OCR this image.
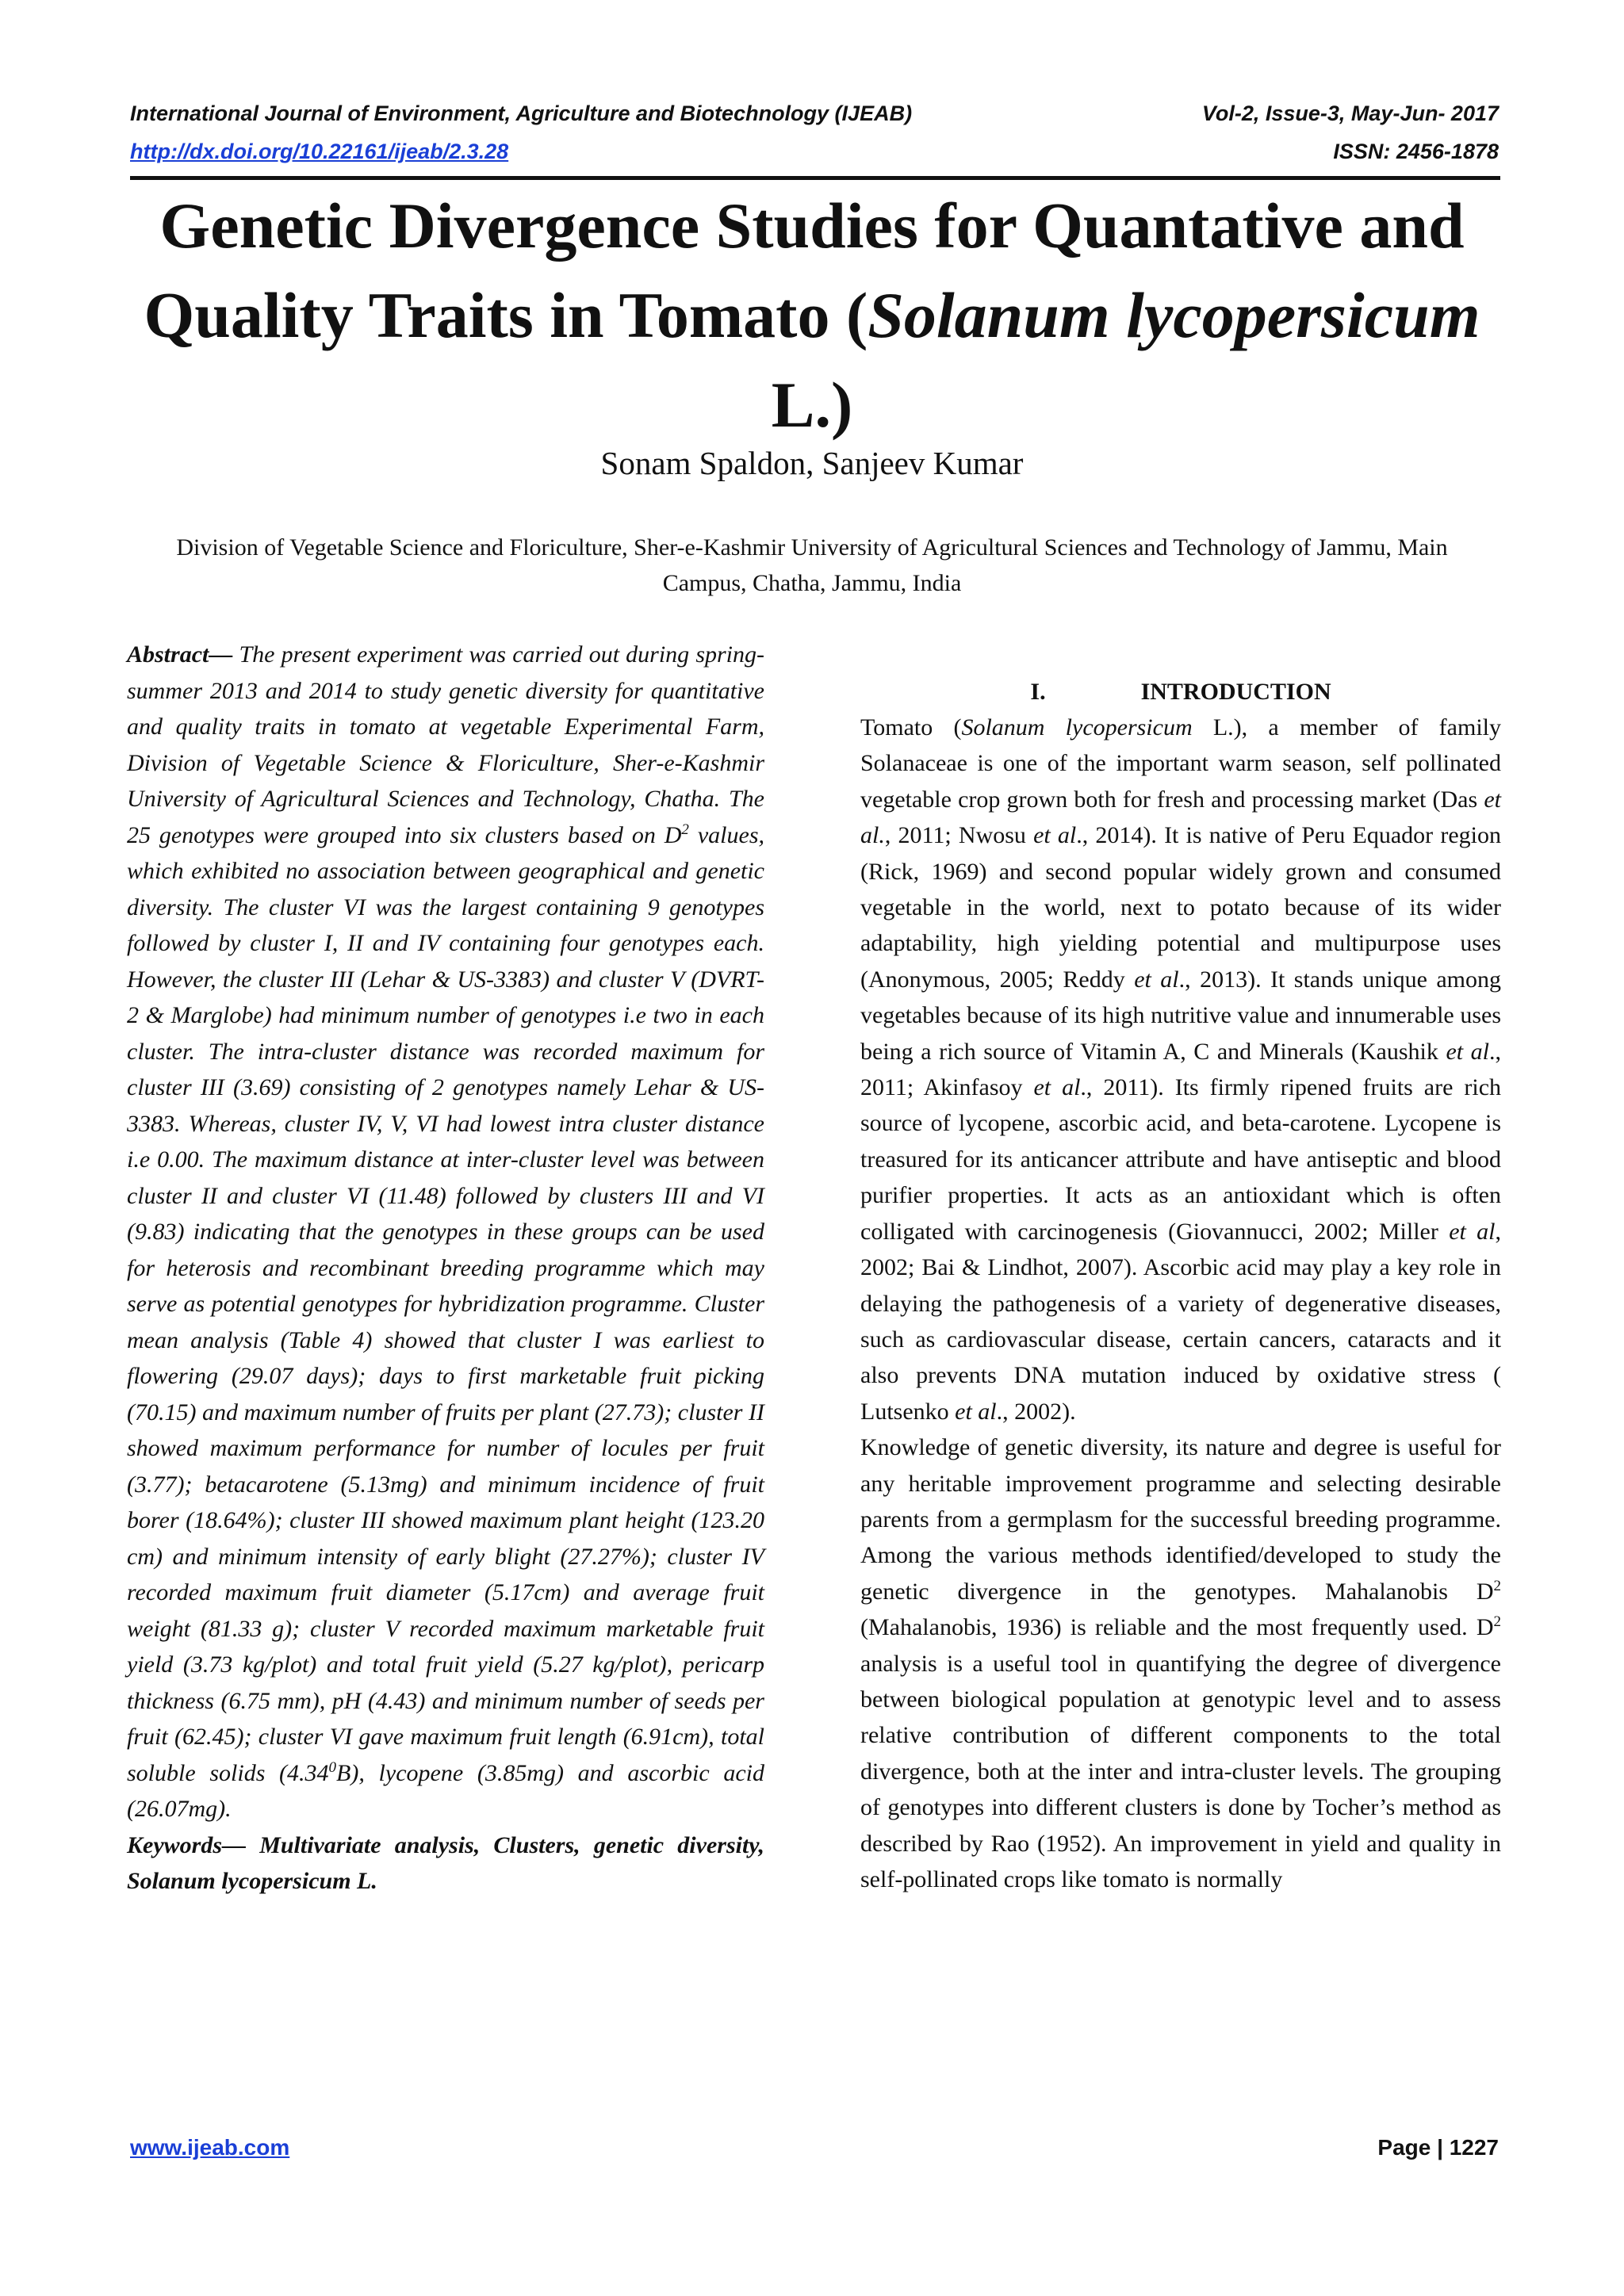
International Journal of Environment, Agriculture and Biotechnology (IJEAB)	Vol-2, Issue-3, May-Jun- 2017
http://dx.doi.org/10.22161/ijeab/2.3.28	ISSN: 2456-1878
Genetic Divergence Studies for Quantative and Quality Traits in Tomato (Solanum lycopersicum L.)
Sonam Spaldon, Sanjeev Kumar
Division of Vegetable Science and Floriculture, Sher-e-Kashmir University of Agricultural Sciences and Technology of Jammu, Main Campus, Chatha, Jammu, India

Abstract— The present experiment was carried out during spring-summer 2013 and 2014 to study genetic diversity for quantitative and quality traits in tomato at vegetable Experimental Farm, Division of Vegetable Science & Floriculture, Sher-e-Kashmir University of Agricultural Sciences and Technology, Chatha. The 25 genotypes were grouped into six clusters based on $D^2$ values, which exhibited no association between geographical and genetic diversity. The cluster VI was the largest containing 9 genotypes followed by cluster I, II and IV containing four genotypes each. However, the cluster III (Lehar & US-3383) and cluster V (DVRT-2 & Marglobe) had minimum number of genotypes i.e two in each cluster. The intra-cluster distance was recorded maximum for cluster III (3.69) consisting of 2 genotypes namely Lehar & US-3383. Whereas, cluster IV, V, VI had lowest intra cluster distance i.e 0.00. The maximum distance at inter-cluster level was between cluster II and cluster VI (11.48) followed by clusters III and VI (9.83) indicating that the genotypes in these groups can be used for heterosis and recombinant breeding programme which may serve as potential genotypes for hybridization programme. Cluster mean analysis (Table 4) showed that cluster I was earliest to flowering (29.07 days); days to first marketable fruit picking (70.15) and maximum number of fruits per plant (27.73); cluster II showed maximum performance for number of locules per fruit (3.77); betacarotene (5.13mg) and minimum incidence of fruit borer (18.64%); cluster III showed maximum plant height (123.20 cm) and minimum intensity of early blight (27.27%); cluster IV recorded maximum fruit diameter (5.17cm) and average fruit weight (81.33 g); cluster V recorded maximum marketable fruit yield (3.73 kg/plot) and total fruit yield (5.27 kg/plot), pericarp thickness (6.75 mm), pH (4.43) and minimum number of seeds per fruit (62.45); cluster VI gave maximum fruit length (6.91cm), total soluble solids (4.34$^0$B), lycopene (3.85mg) and ascorbic acid (26.07mg).

Keywords— Multivariate analysis, Clusters, genetic diversity, Solanum lycopersicum L.

I.	INTRODUCTION

Tomato (Solanum lycopersicum L.), a member of family Solanaceae is one of the important warm season, self pollinated vegetable crop grown both for fresh and processing market (Das et al., 2011; Nwosu et al., 2014). It is native of Peru Equador region (Rick, 1969) and second popular widely grown and consumed vegetable in the world, next to potato because of its wider adaptability, high yielding potential and multipurpose uses (Anonymous, 2005; Reddy et al., 2013). It stands unique among vegetables because of its high nutritive value and innumerable uses being a rich source of Vitamin A, C and Minerals (Kaushik et al., 2011; Akinfasoy et al., 2011). Its firmly ripened fruits are rich source of lycopene, ascorbic acid, and beta-carotene. Lycopene is treasured for its anticancer attribute and have antiseptic and blood purifier properties. It acts as an antioxidant which is often colligated with carcinogenesis (Giovannucci, 2002; Miller et al, 2002; Bai & Lindhot, 2007). Ascorbic acid may play a key role in delaying the pathogenesis of a variety of degenerative diseases, such as cardiovascular disease, certain cancers, cataracts and it also prevents DNA mutation induced by oxidative stress ( Lutsenko et al., 2002).

Knowledge of genetic diversity, its nature and degree is useful for any heritable improvement programme and selecting desirable parents from a germplasm for the successful breeding programme. Among the various methods identified/developed to study the genetic divergence in the genotypes. Mahalanobis $D^2$ (Mahalanobis, 1936) is reliable and the most frequently used. $D^2$ analysis is a useful tool in quantifying the degree of divergence between biological population at genotypic level and to assess relative contribution of different components to the total divergence, both at the inter and intra-cluster levels. The grouping of genotypes into different clusters is done by Tocher’s method as described by Rao (1952). An improvement in yield and quality in self-pollinated crops like tomato is normally

www.ijeab.com	Page | 1227
